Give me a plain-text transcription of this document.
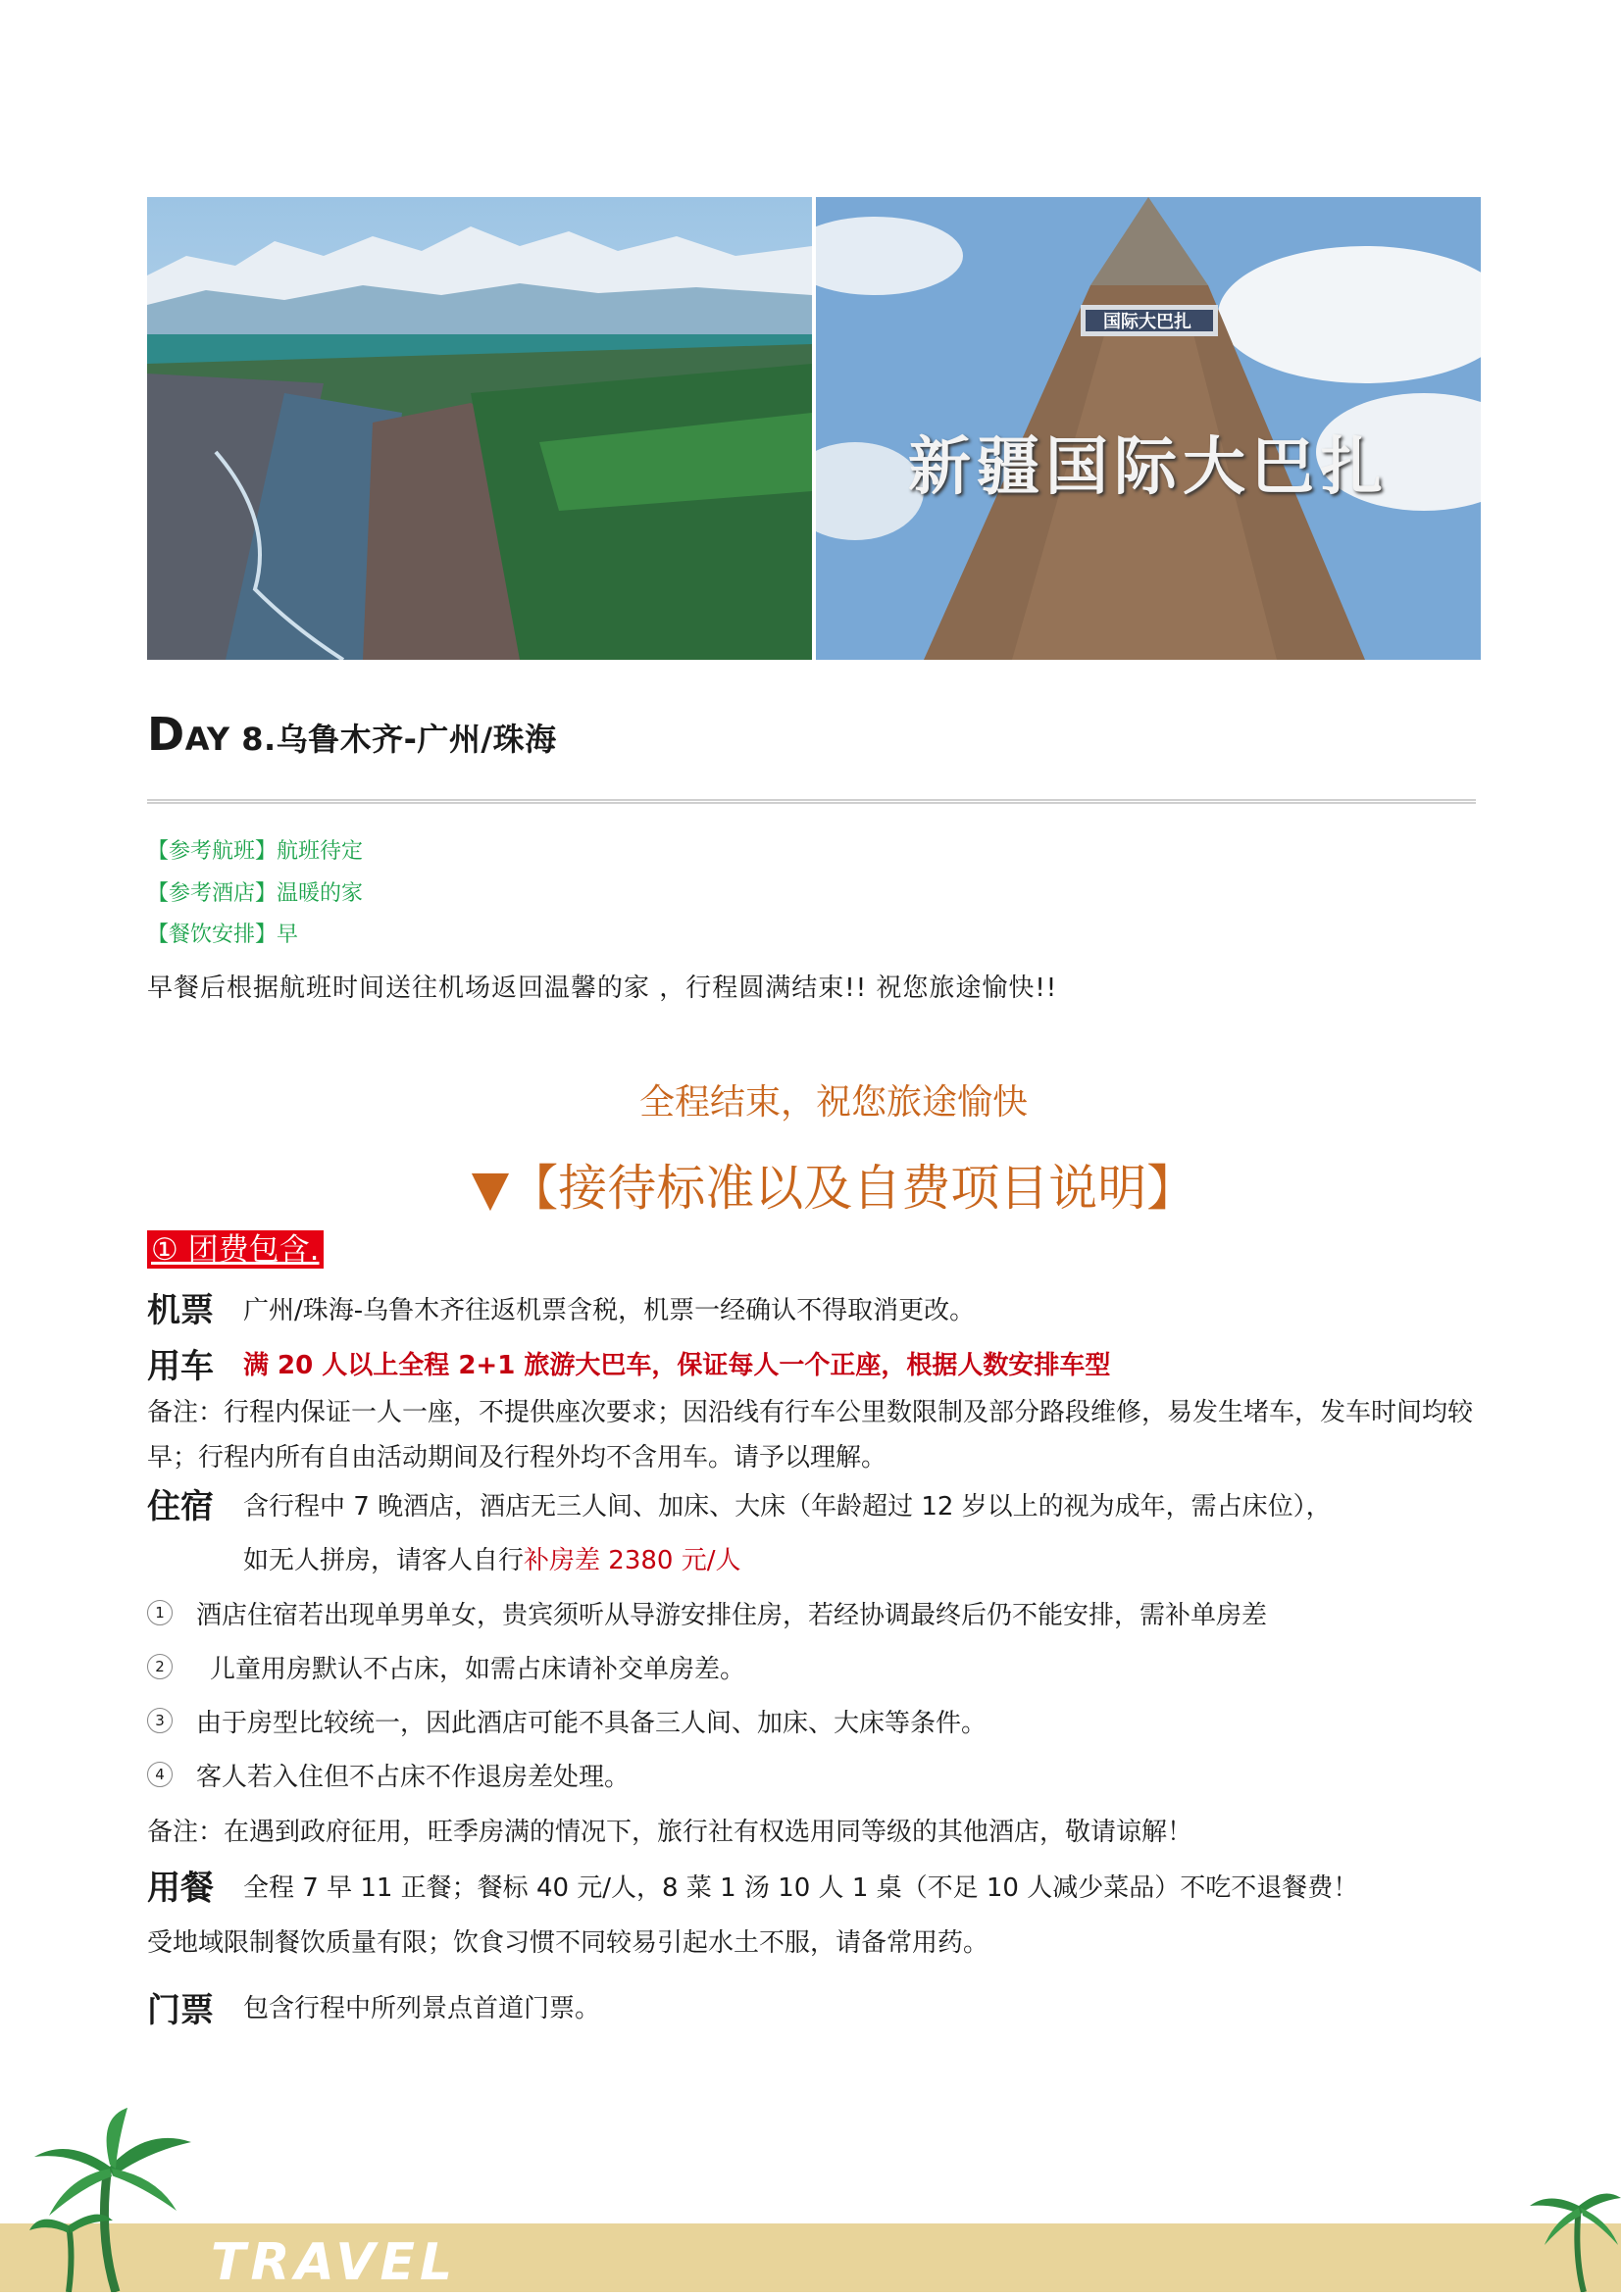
新疆国际大巴扎
国际大巴扎
DAY 8.乌鲁木齐-广州/珠海
【参考航班】航班待定
【参考酒店】温暖的家
【餐饮安排】早
早餐后根据航班时间送往机场返回温馨的家 ，行程圆满结束!! 祝您旅途愉快!!
全程结束，祝您旅途愉快
▼【接待标准以及自费项目说明】
① 团费包含.
机票 广州/珠海-乌鲁木齐往返机票含税，机票一经确认不得取消更改。
用车 满 20 人以上全程 2+1 旅游大巴车，保证每人一个正座，根据人数安排车型
备注：行程内保证一人一座，不提供座次要求；因沿线有行车公里数限制及部分路段维修，易发生堵车，发车时间均较早；行程内所有自由活动期间及行程外均不含用车。请予以理解。
住宿 含行程中 7 晚酒店，酒店无三人间、加床、大床（年龄超过 12 岁以上的视为成年，需占床位），
如无人拼房，请客人自行补房差 2380 元/人
1	酒店住宿若出现单男单女，贵宾须听从导游安排住房，若经协调最终后仍不能安排，需补单房差
2	儿童用房默认不占床，如需占床请补交单房差。
3	由于房型比较统一，因此酒店可能不具备三人间、加床、大床等条件。
4	客人若入住但不占床不作退房差处理。
备注：在遇到政府征用，旺季房满的情况下，旅行社有权选用同等级的其他酒店，敬请谅解！
用餐 全程 7 早 11 正餐；餐标 40 元/人，8 菜 1 汤 10 人 1 桌（不足 10 人减少菜品）不吃不退餐费！
受地域限制餐饮质量有限；饮食习惯不同较易引起水土不服，请备常用药。
门票 包含行程中所列景点首道门票。
TRAVEL
